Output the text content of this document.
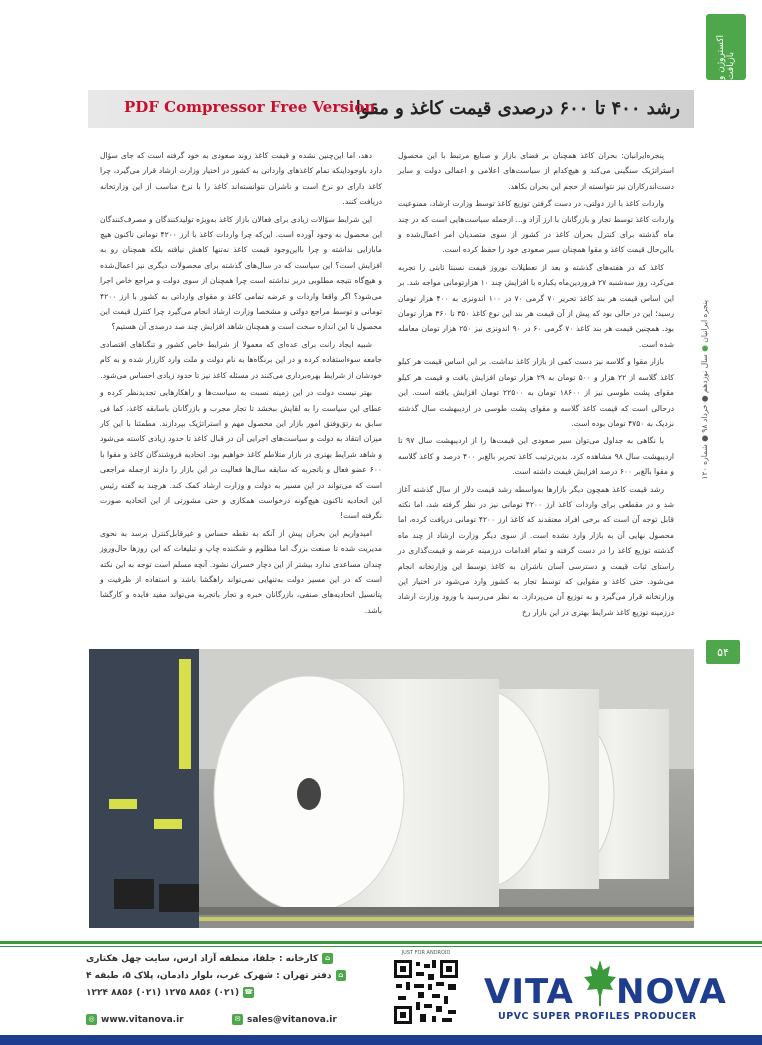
اکستروژن و بازیافت
رشد ۴۰۰ تا ۶۰۰ درصدی قیمت کاغذ و مقوا
PDF Compressor Free Version

پنجره‌ایرانیان: بحران کاغذ همچنان بر فضای بازار و صنایع مرتبط با این محصول استراتژیک سنگینی می‌کند و هیچ‌کدام از سیاست‌های اعلامی و اعمالی دولت و سایر دست‌اندرکاران نیز نتوانسته از حجم این بحران بکاهد.

واردات کاغذ با ارز دولتی، در دست گرفتن توزیع کاغذ توسط وزارت ارشاد، ممنوعیت واردات کاغذ توسط تجار و بازرگانان با ارز آزاد و... ازجمله سیاست‌هایی است که در چند ماه گذشته برای کنترل بحران کاغذ در کشور از سوی متصدیان امر اعمال‌شده و بااین‌حال قیمت کاغذ و مقوا همچنان سیر صعودی خود را حفظ کرده است.

کاغذ که در هفته‌های گذشته و بعد از تعطیلات نوروز قیمت نسبتا ثابتی را تجربه می‌کرد، روز سه‌شنبه ۲۷ فروردین‌ماه یکباره با افزایش چند ۱۰ هزارتومانی مواجه شد. بر این اساس قیمت هر بند کاغذ تحریر ۷۰ گرمی ۷۰ در ۱۰۰ اندونزی به ۴۰۰ هزار تومان رسید؛ این در حالی بود که پیش از آن قیمت هر بند این نوع کاغذ ۳۵۰ تا ۳۶۰ هزار تومان بود. همچنین قیمت هر بند کاغذ ۷۰ گرمی ۶۰ در ۹۰ اندونزی نیز ۲۵۰ هزار تومان معامله شده است.

بازار مقوا و گلاسه نیز دست کمی از بازار کاغذ نداشت. بر این اساس قیمت هر کیلو کاغذ گلاسه از ۲۲ هزار و ۵۰۰ تومان به ۲۹ هزار تومان افزایش یافت و قیمت هر کیلو مقوای پشت طوسی نیز از ۱۸۶۰۰ تومان به ۲۲۵۰۰ تومان افزایش یافته است. این درحالی است که قیمت کاغذ گلاسه و مقوای پشت طوسی در اردیبهشت سال گذشته نزدیک به ۴۷۵۰ تومان بوده است.

با نگاهی به جداول می‌توان سیر صعودی این قیمت‌ها را از اردیبهشت سال ۹۷ تا اردیبهشت سال ۹۸ مشاهده کرد. بدین‌ترتیب کاغذ تحریر بالغ‌بر ۴۰۰ درصد و کاغذ گلاسه و مقوا بالغ‌بر ۶۰۰ درصد افزایش قیمت داشته است.

رشد قیمت کاغذ همچون دیگر بازارها به‌واسطه رشد قیمت دلار از سال گذشته آغاز شد و در مقطعی برای واردات کاغذ ارز ۴۲۰۰ تومانی نیز در نظر گرفته شد، اما نکته قابل توجه آن است که برخی افراد معتقدند که کاغذ ارز ۴۲۰۰ تومانی دریافت کرده، اما محصول نهایی آن به بازار وارد نشده است. از سوی دیگر وزارت ارشاد از چند ماه گذشته توزیع کاغذ را در دست گرفته و تمام اقدامات درزمینه عرضه و قیمت‌گذاری در راستای ثبات قیمت و دسترسی آسان ناشران به کاغذ توسط این وزارتخانه انجام می‌شود. حتی کاغذ و مقوایی که توسط تجار به کشور وارد می‌شود در اختیار این وزارتخانه قرار می‌گیرد و به توزیع آن می‌پردازد. به نظر می‌رسید با ورود وزارت ارشاد درزمینه توزیع کاغذ شرایط بهتری در این بازار رخ

دهد، اما این‌چنین نشده و قیمت کاغذ روند صعودی به خود گرفته است که جای سؤال دارد باوجوداینکه تمام کاغذهای وارداتی به کشور در اختیار وزارت ارشاد قرار می‌گیرد، چرا کاغذ دارای دو نرخ است و ناشران نتوانسته‌اند کاغذ را با نرخ مناسب از این وزارتخانه دریافت کنند.

این شرایط سؤالات زیادی برای فعالان بازار کاغذ به‌ویژه تولیدکنندگان و مصرف‌کنندگان این محصول به وجود آورده است. این‌که چرا واردات کاغذ با ارز ۴۲۰۰ تومانی تاکنون هیچ مابازایی نداشته و چرا بااین‌وجود قیمت کاغذ نه‌تنها کاهش نیافته بلکه همچنان رو به افزایش است؟ این سیاست که در سال‌های گذشته برای محصولات دیگری نیز اعمال‌شده و هیچ‌گاه نتیجه مطلوبی دربر نداشته است چرا همچنان از سوی دولت و مراجع خاص اجرا می‌شود؟ اگر واقعا واردات و عرضه تمامی کاغذ و مقوای وارداتی به کشور با ارز ۴۲۰۰ تومانی و توسط مراجع دولتی و مشخصا وزارت ارشاد انجام می‌گیرد چرا کنترل قیمت این محصول تا این اندازه سخت است و همچنان شاهد افزایش چند صد درصدی آن هستیم؟

شبیه ایجاد رانت برای عده‌ای که معمولا از شرایط خاص کشور و تنگناهای اقتصادی جامعه سوءاستفاده کرده و در این برنگاه‌ها به نام دولت و ملت وارد کارزار شده و به کام خودشان از شرایط بهره‌برداری می‌کنند در مسئله کاغذ نیز تا حدود زیادی احساس می‌شود.

بهتر نیست دولت در این زمینه نسبت به سیاست‌ها و راهکارهایی تجدیدنظر کرده و عطای این سیاست را به لقایش ببخشد تا تجار مجرب و بازرگانان باسابقه کاغذ، کما فی سابق به رتق‌وفتق امور بازار این محصول مهم و استراتژیک بپردازند. مطمئنا با این کار میزان انتقاد به دولت و سیاست‌های اجرایی آن در قبال کاغذ تا حدود زیادی کاسته می‌شود و شاهد شرایط بهتری در بازار متلاطم کاغذ خواهیم بود. اتحادیه فروشندگان کاغذ و مقوا با ۶۰۰ عضو فعال و باتجربه که سابقه سال‌ها فعالیت در این بازار را دارند ازجمله مراجعی است که می‌تواند در این مسیر به دولت و وزارت ارشاد کمک کند. هرچند به گفته رئیس این اتحادیه تاکنون هیچ‌گونه درخواست همکاری و حتی مشورتی از این اتحادیه صورت نگرفته است!

امیدواریم این بحران پیش از آنکه به نقطه حساس و غیرقابل‌کنترل برسد به نحوی مدیریت شده تا صنعت بزرگ اما مظلوم و شکننده چاپ و تبلیغات که این روزها حال‌وروز چندان مساعدی ندارد بیشتر از این دچار خسران نشود. آنچه مسلم است توجه به این نکته است که در این مسیر دولت به‌تنهایی نمی‌تواند راهگشا باشد و استفاده از ظرفیت و پتانسیل اتحادیه‌های صنفی، بازرگانان خبره و تجار باتجربه می‌تواند مفید فایده و کارگشا باشد.

پنجره ایرانیان ● سال نوزدهم ● خرداد ۹۸ ● شماره ۱۲۰
۵۴
⌂
کارخانه : جلفا، منطقه آزاد ارس، سایت چهل هکتاری
⌂
دفتر تهران : شهرک غرب، بلوار دادمان، پلاک ۵، طبقه ۴
☎
(۰۲۱) ۸۸۵۶ ۱۲۷۵ (۰۲۱) ۸۸۵۶ ۱۲۲۴
◎ www.vitanova.ir	✉ sales@vitanova.ir
JUST FOR ANDROID
VITA NOVA
UPVC SUPER PROFILES PRODUCER
